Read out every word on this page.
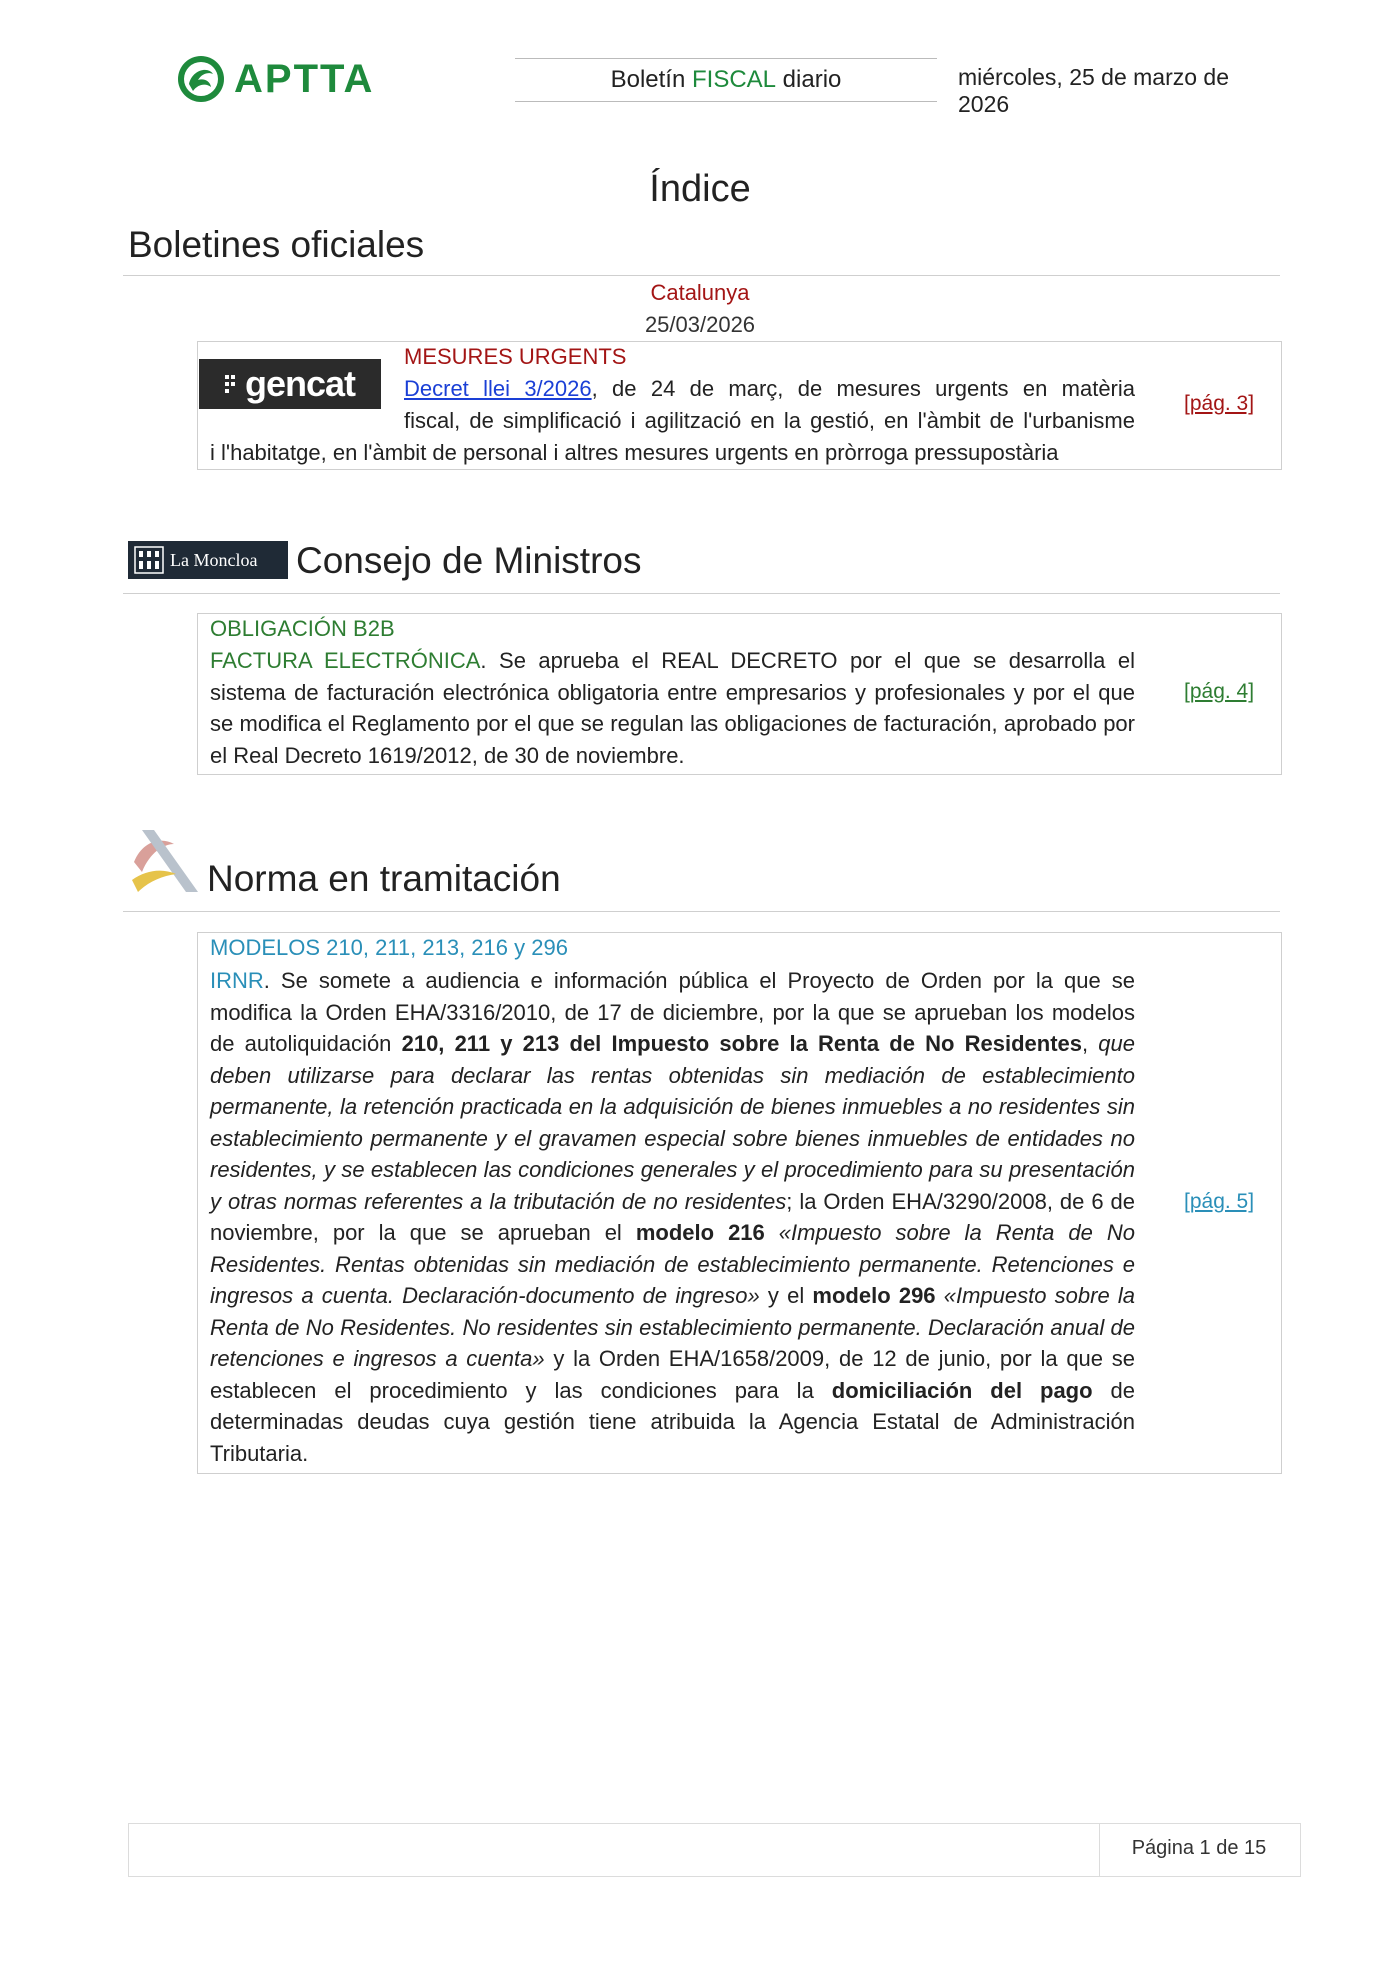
APTTA	Boletín FISCAL diario	miércoles, 25 de marzo de 2026
Índice
Boletines oficiales
Catalunya
25/03/2026
gencat
MESURES URGENTS
Decret llei 3/2026, de 24 de març, de mesures urgents en matèria
fiscal, de simplificació i agilització en la gestió, en l'àmbit de l'urbanisme
i l'habitatge, en l'àmbit de personal i altres mesures urgents en pròrroga pressupostària
[pág. 3]
La Moncloa Consejo de Ministros
OBLIGACIÓN B2B
FACTURA ELECTRÓNICA. Se aprueba el REAL DECRETO por el que se desarrolla el sistema de facturación electrónica obligatoria entre empresarios y profesionales y por el que se modifica el Reglamento por el que se regulan las obligaciones de facturación, aprobado por el Real Decreto 1619/2012, de 30 de noviembre.
[pág. 4]
Norma en tramitación
MODELOS 210, 211, 213, 216 y 296
IRNR. Se somete a audiencia e información pública el Proyecto de Orden por la que se modifica la Orden EHA/3316/2010, de 17 de diciembre, por la que se aprueban los modelos de autoliquidación 210, 211 y 213 del Impuesto sobre la Renta de No Residentes, que deben utilizarse para declarar las rentas obtenidas sin mediación de establecimiento permanente, la retención practicada en la adquisición de bienes inmuebles a no residentes sin establecimiento permanente y el gravamen especial sobre bienes inmuebles de entidades no residentes, y se establecen las condiciones generales y el procedimiento para su presentación y otras normas referentes a la tributación de no residentes; la Orden EHA/3290/2008, de 6 de noviembre, por la que se aprueban el modelo 216 «Impuesto sobre la Renta de No Residentes. Rentas obtenidas sin mediación de establecimiento permanente. Retenciones e ingresos a cuenta. Declaración-documento de ingreso» y el modelo 296 «Impuesto sobre la Renta de No Residentes. No residentes sin establecimiento permanente. Declaración anual de retenciones e ingresos a cuenta» y la Orden EHA/1658/2009, de 12 de junio, por la que se establecen el procedimiento y las condiciones para la domiciliación del pago de determinadas deudas cuya gestión tiene atribuida la Agencia Estatal de Administración Tributaria.
[pág. 5]
Página 1 de 15
